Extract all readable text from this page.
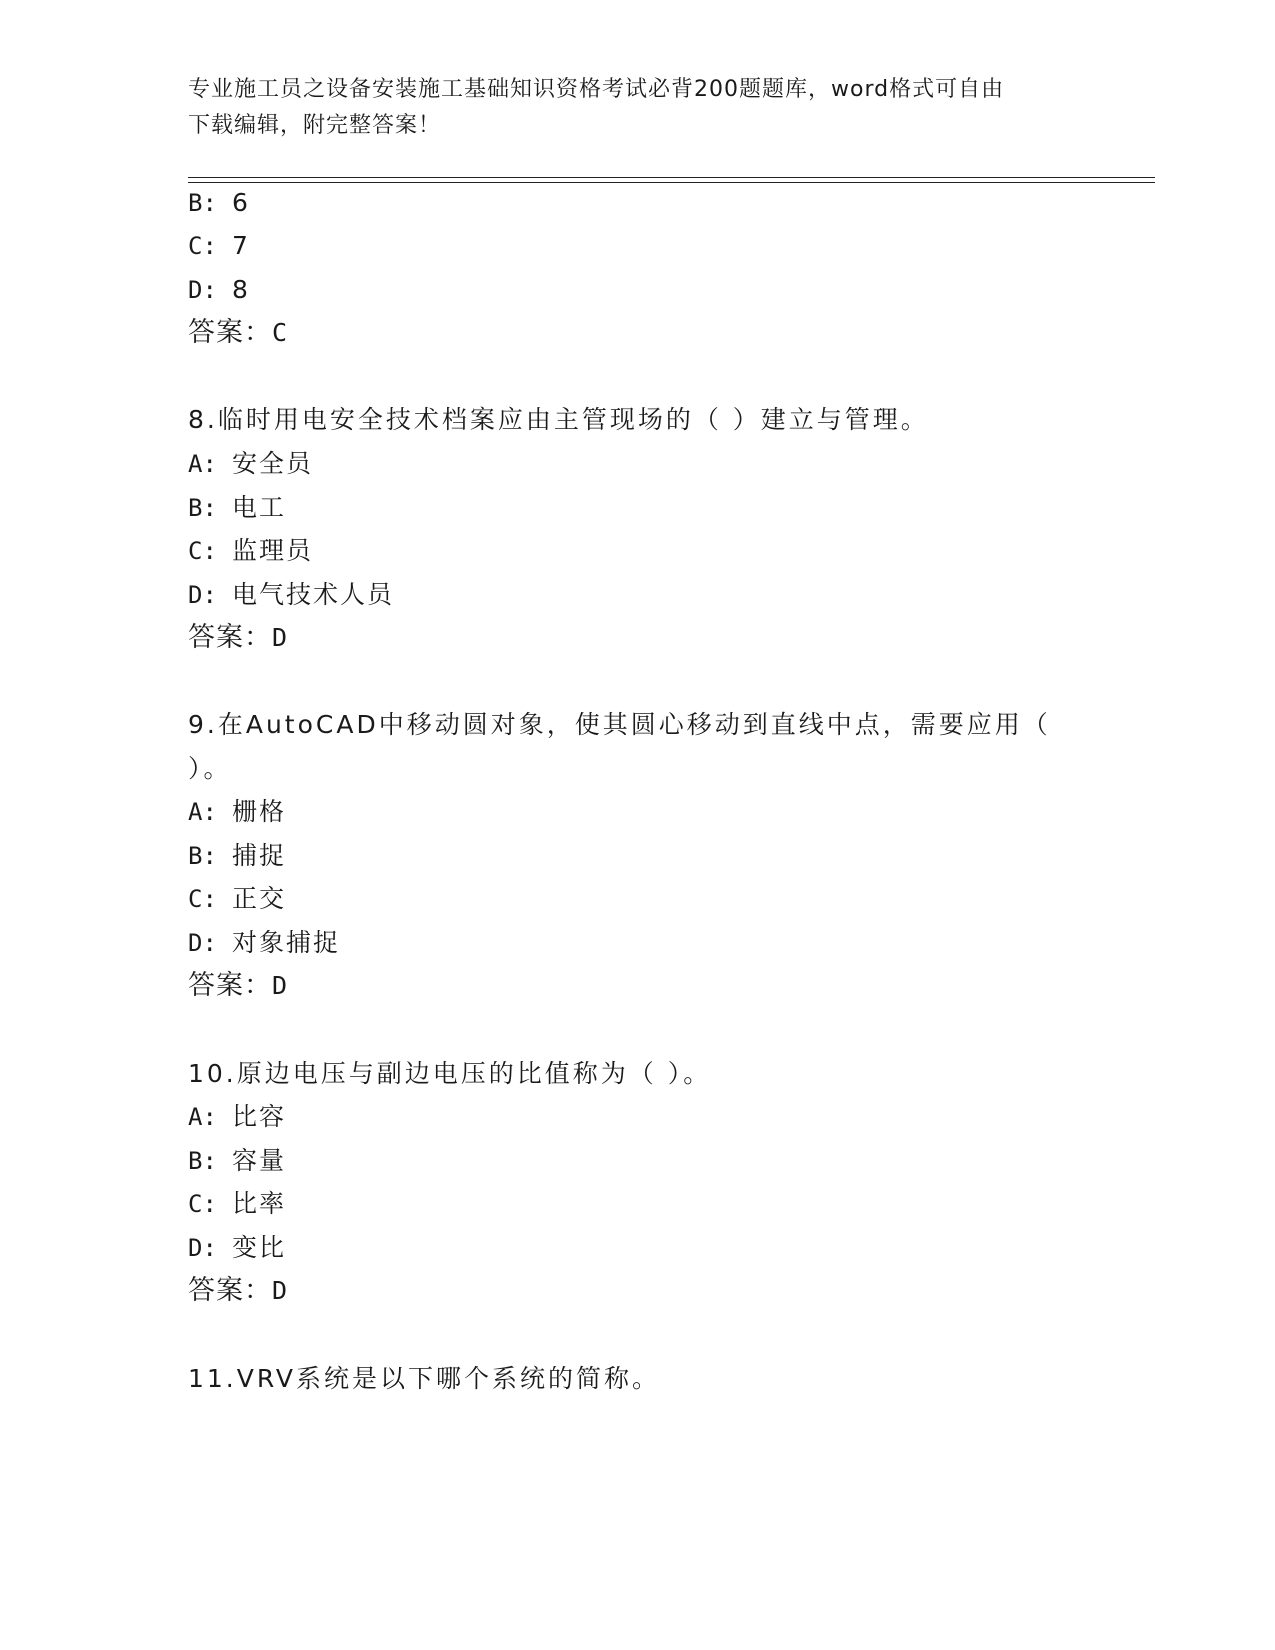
专业施工员之设备安装施工基础知识资格考试必背200题题库，word格式可自由
下载编辑，附完整答案！
B: 6
C: 7
D: 8
答案：C
8.临时用电安全技术档案应由主管现场的（ ）建立与管理。
A: 安全员
B: 电工
C: 监理员
D: 电气技术人员
答案：D
9.在AutoCAD中移动圆对象，使其圆心移动到直线中点，需要应用（
）。
A: 栅格
B: 捕捉
C: 正交
D: 对象捕捉
答案：D
10.原边电压与副边电压的比值称为（ ）。
A: 比容
B: 容量
C: 比率
D: 变比
答案：D
11.VRV系统是以下哪个系统的简称。
